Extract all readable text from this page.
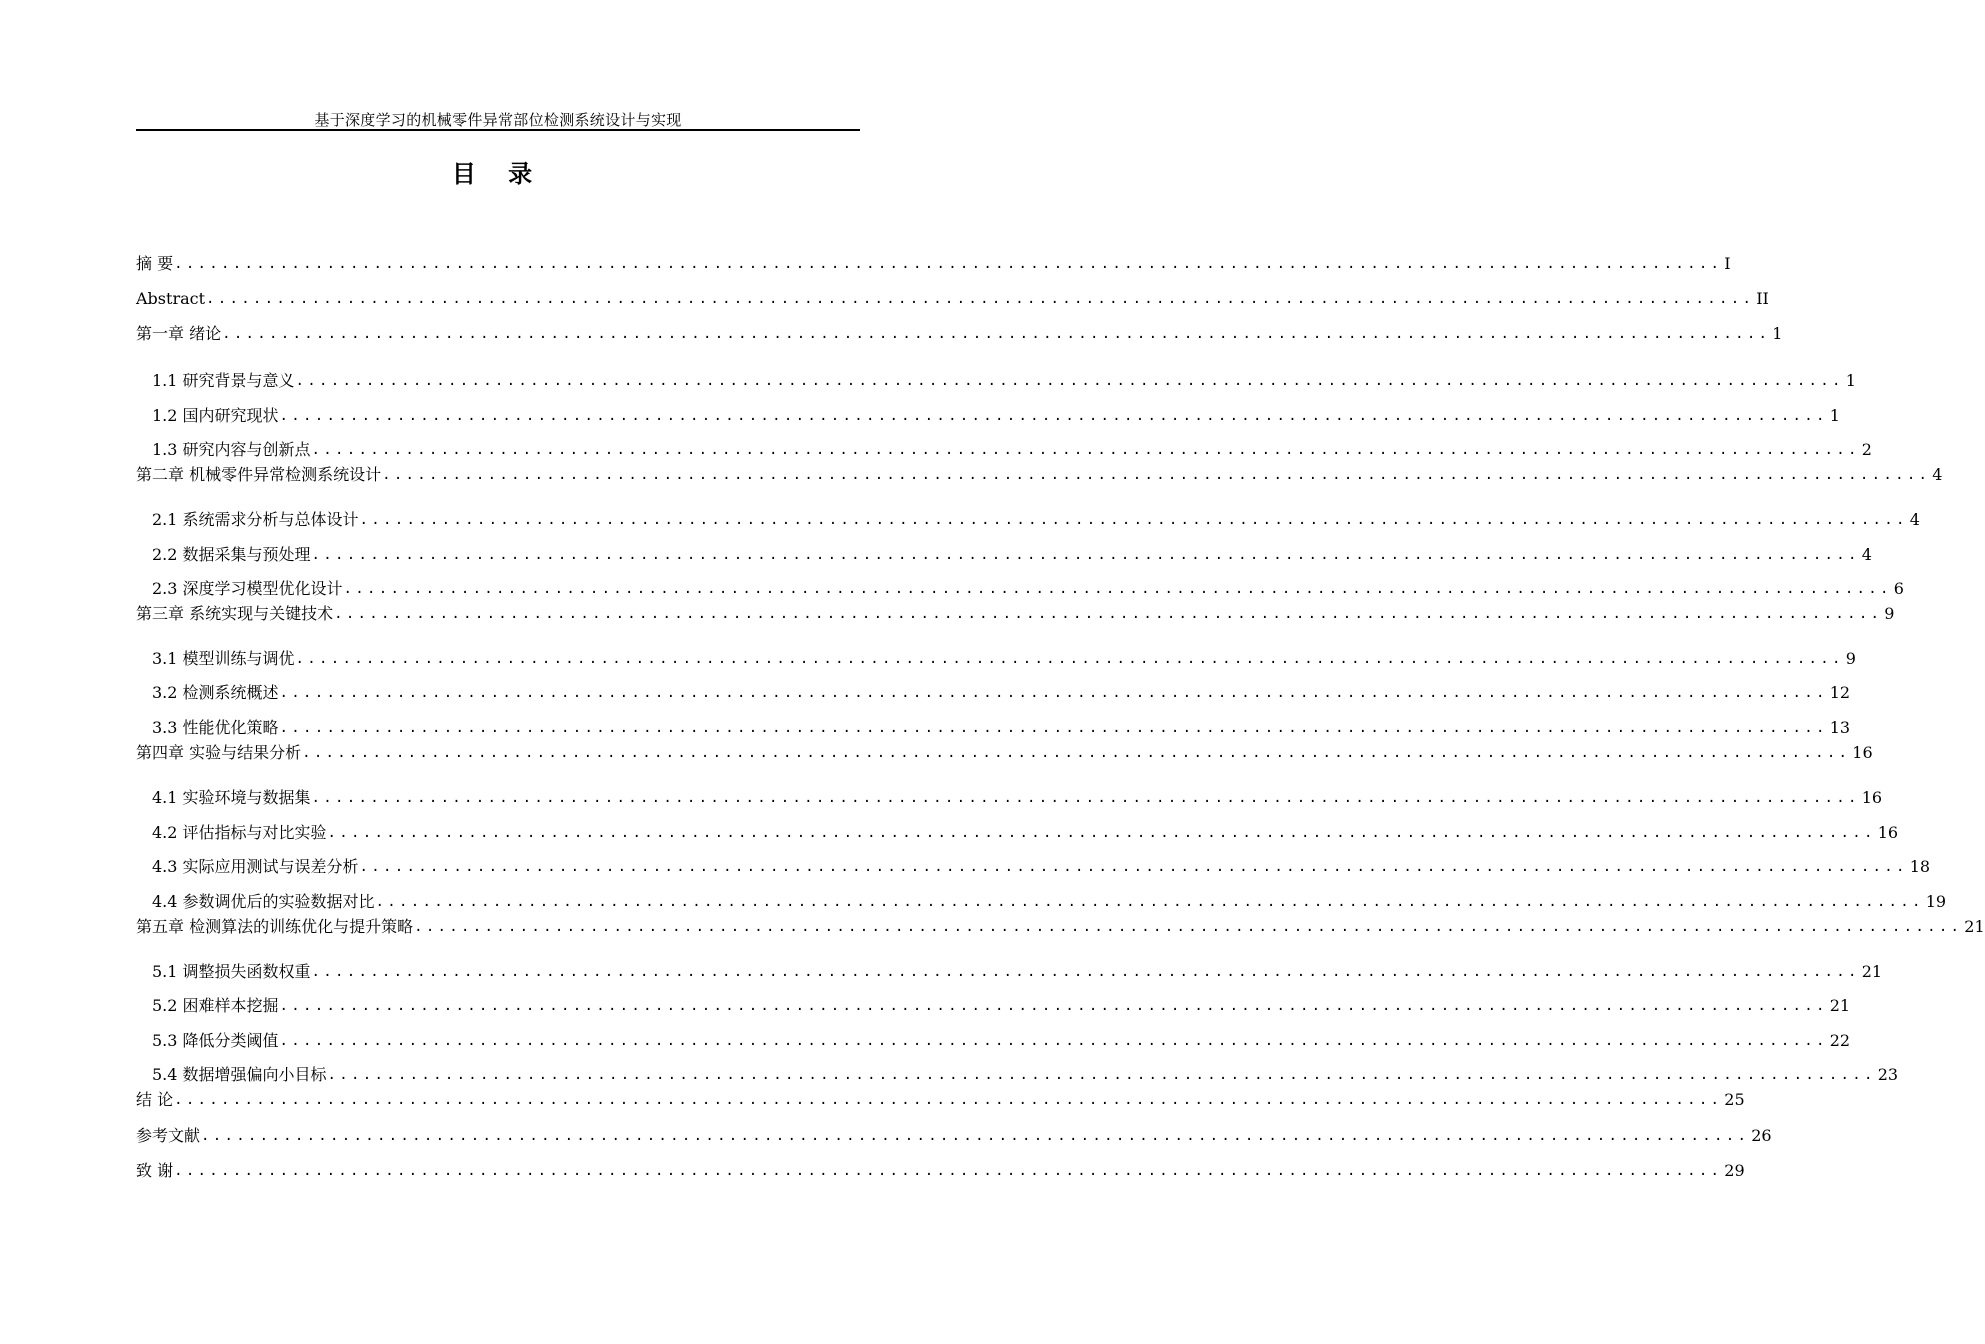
基于深度学习的机械零件异常部位检测系统设计与实现
目 录
摘 要 .................................................................................................................................... I
Abstract .................................................................................................................................... II
第一章 绪论 .................................................................................................................................... 1
1.1 研究背景与意义 .................................................................................................................................... 1
1.2 国内研究现状 .................................................................................................................................... 1
1.3 研究内容与创新点 .................................................................................................................................... 2
第二章 机械零件异常检测系统设计 .................................................................................................................................... 4
2.1 系统需求分析与总体设计 .................................................................................................................................... 4
2.2 数据采集与预处理 .................................................................................................................................... 4
2.3 深度学习模型优化设计 .................................................................................................................................... 6
第三章 系统实现与关键技术 .................................................................................................................................... 9
3.1 模型训练与调优 .................................................................................................................................... 9
3.2 检测系统概述 .................................................................................................................................... 12
3.3 性能优化策略 .................................................................................................................................... 13
第四章 实验与结果分析 .................................................................................................................................... 16
4.1 实验环境与数据集 .................................................................................................................................... 16
4.2 评估指标与对比实验 .................................................................................................................................... 16
4.3 实际应用测试与误差分析 .................................................................................................................................... 18
4.4 参数调优后的实验数据对比 .................................................................................................................................... 19
第五章 检测算法的训练优化与提升策略 .................................................................................................................................... 21
5.1 调整损失函数权重 .................................................................................................................................... 21
5.2 困难样本挖掘 .................................................................................................................................... 21
5.3 降低分类阈值 .................................................................................................................................... 22
5.4 数据增强偏向小目标 .................................................................................................................................... 23
结 论 .................................................................................................................................... 25
参考文献 .................................................................................................................................... 26
致 谢 .................................................................................................................................... 29
